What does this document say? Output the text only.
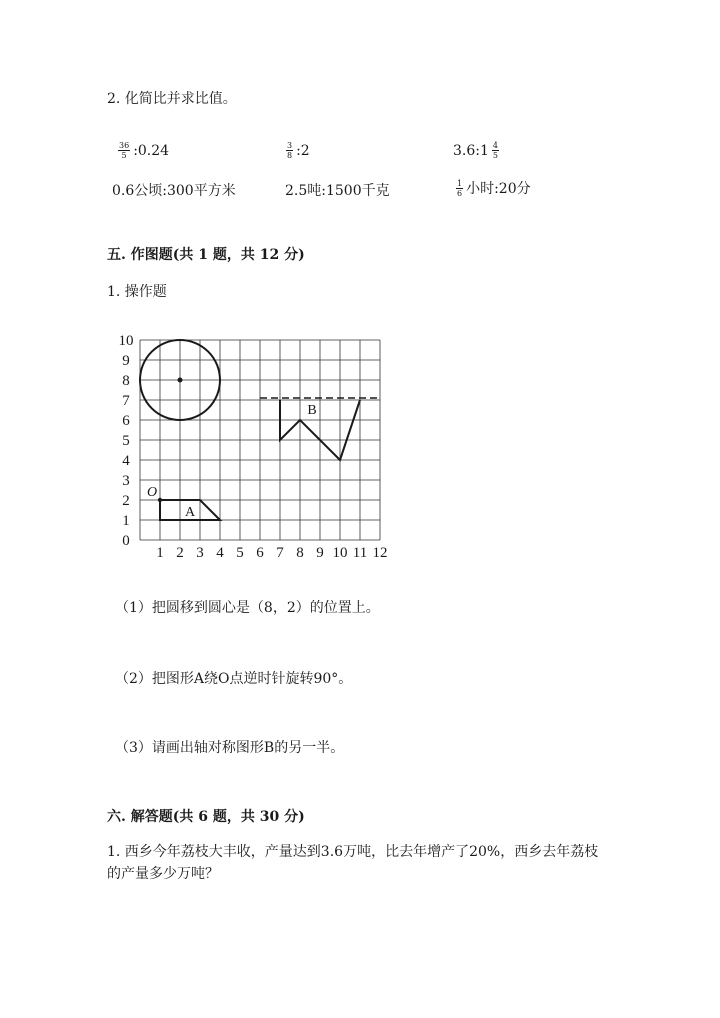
2. 化简比并求比值。
$\frac{36}{5}$ :0.24	$\frac{3}{8}$ :2	3.6:1 $\frac{4}{5}$
0.6公顷:300平方米	2.5吨:1500千克	$\frac{1}{6}$ 小时:20分
五. 作图题(共 1 题，共 12 分)
1. 操作题
10
9
8
7
6
5
4
3
2
1
0
1 2 3 4 5 6 7 8 9 10 11 12
O
A
B
（1）把圆移到圆心是（8，2）的位置上。
（2）把图形A绕O点逆时针旋转90°。
（3）请画出轴对称图形B的另一半。
六. 解答题(共 6 题，共 30 分)
1. 西乡今年荔枝大丰收，产量达到3.6万吨，比去年增产了20%，西乡去年荔枝的产量多少万吨？
